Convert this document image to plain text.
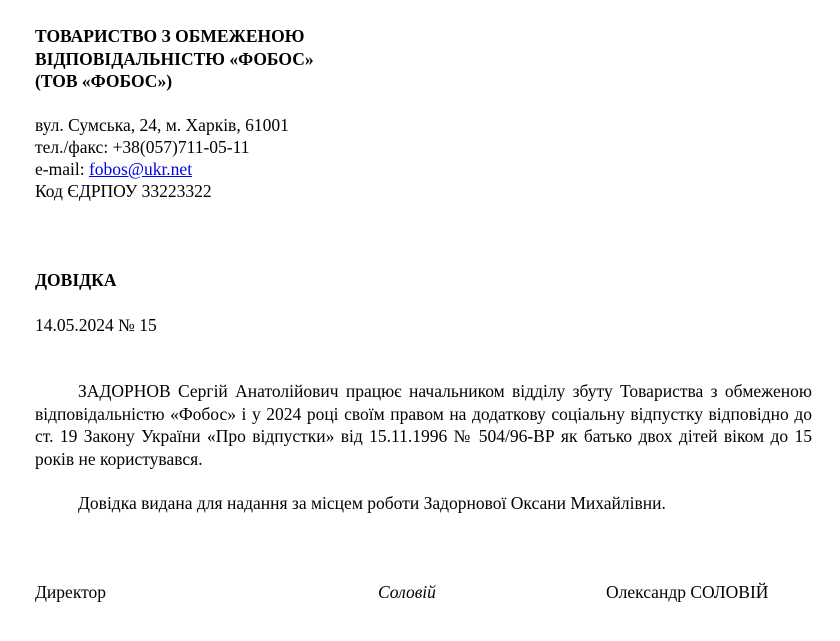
ТОВАРИСТВО З ОБМЕЖЕНОЮ
ВІДПОВІДАЛЬНІСТЮ «ФОБОС»
(ТОВ «ФОБОС»)
вул. Сумська, 24, м. Харків, 61001
тел./факс: +38(057)711-05-11
e-mail: fobos@ukr.net
Код ЄДРПОУ 33223322
ДОВІДКА
14.05.2024 № 15

ЗАДОРНОВ Сергій Анатолійович працює начальником відділу збуту Товариства з обмеженою відповідальністю «Фобос» і у 2024 році своїм правом на додаткову соціальну відпустку відповідно до ст. 19 Закону України «Про відпустки» від 15.11.1996 № 504/96-ВР як батько двох дітей віком до 15 років не користувався.

Довідка видана для надання за місцем роботи Задорнової Оксани Михайлівни.

Директор	Соловій	Олександр СОЛОВІЙ
